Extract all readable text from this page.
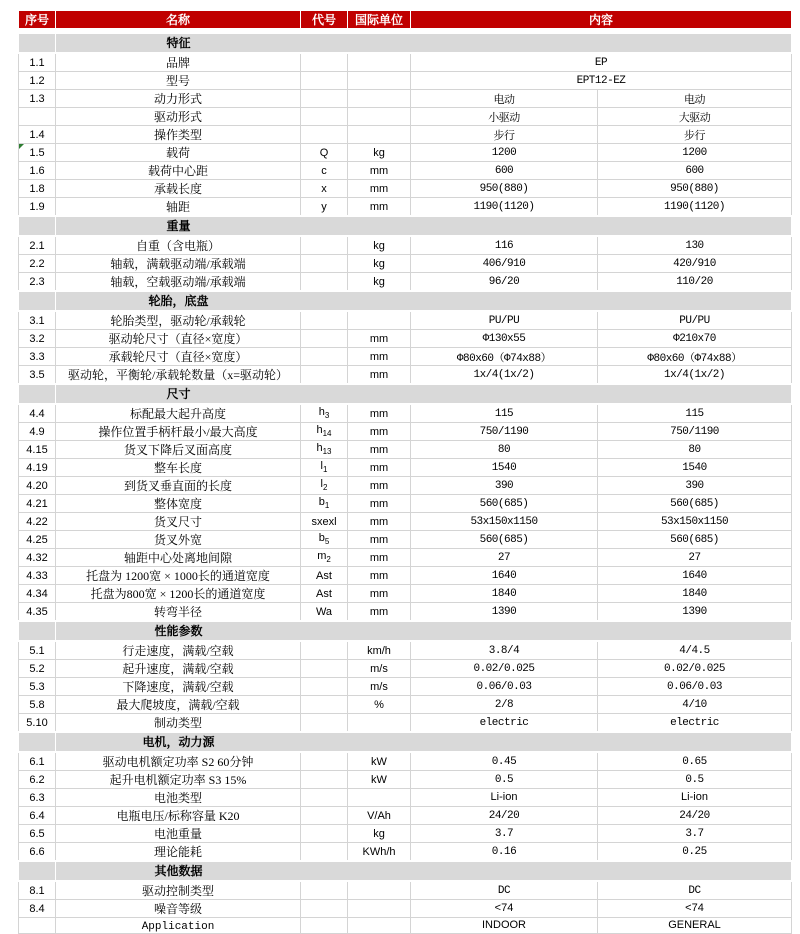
序号	名称	代号	国际单位	内容	

	特征				
1.1	品牌			EP	
1.2	型号			EPT12-EZ	
1.3	动力形式			电动	电动
	驱动形式			小驱动	大驱动
1.4	操作类型			步行	步行

1.5	载荷	Q	kg	1200	1200
1.6	载荷中心距	c	mm	600	600
1.8	承载长度	x	mm	950(880)	950(880)
1.9	轴距	y	mm	1190(1120)	1190(1120)
	重量				
2.1	自重（含电瓶）		kg	116	130
2.2	轴载，满载驱动端/承载端		kg	406/910	420/910
2.3	轴载，空载驱动端/承载端		kg	96/20	110/20
	轮胎，底盘				
3.1	轮胎类型，驱动轮/承载轮			PU/PU	PU/PU
3.2	驱动轮尺寸（直径×宽度）		mm	Φ130x55	Φ210x70
3.3	承载轮尺寸（直径×宽度）		mm	Φ80x60（Φ74x88）	Φ80x60（Φ74x88）
3.5	驱动轮，平衡轮/承载轮数量（x=驱动轮）		mm	1x/4(1x/2)	1x/4(1x/2)
	尺寸				
4.4	标配最大起升高度	$h_3$	mm	115	115
4.9	操作位置手柄杆最小/最大高度	$h_{14}$	mm	750/1190	750/1190
4.15	货叉下降后叉面高度	$h_{13}$	mm	80	80
4.19	整车长度	$l_1$	mm	1540	1540
4.20	到货叉垂直面的长度	$l_2$	mm	390	390
4.21	整体宽度	$b_1$	mm	560(685)	560(685)
4.22	货叉尺寸	sxexl	mm	53x150x1150	53x150x1150
4.25	货叉外宽	$b_5$	mm	560(685)	560(685)
4.32	轴距中心处离地间隙	$m_2$	mm	27	27
4.33	托盘为 1200宽 × 1000长的通道宽度	Ast	mm	1640	1640
4.34	托盘为800宽 × 1200长的通道宽度	Ast	mm	1840	1840
4.35	转弯半径	Wa	mm	1390	1390
	性能参数				
5.1	行走速度，满载/空载		km/h	3.8/4	4/4.5
5.2	起升速度，满载/空载		m/s	0.02/0.025	0.02/0.025
5.3	下降速度，满载/空载		m/s	0.06/0.03	0.06/0.03
5.8	最大爬坡度，满载/空载		%	2/8	4/10
5.10	制动类型			electric	electric
	电机，动力源				
6.1	驱动电机额定功率 S2 60分钟		kW	0.45	0.65
6.2	起升电机额定功率 S3 15%		kW	0.5	0.5
6.3	电池类型			Li-ion	Li-ion
6.4	电瓶电压/标称容量 K20		V/Ah	24/20	24/20
6.5	电池重量		kg	3.7	3.7
6.6	理论能耗		KWh/h	0.16	0.25
	其他数据				
8.1	驱动控制类型			DC	DC
8.4	噪音等级			<74	<74
	Application			INDOOR	GENERAL
